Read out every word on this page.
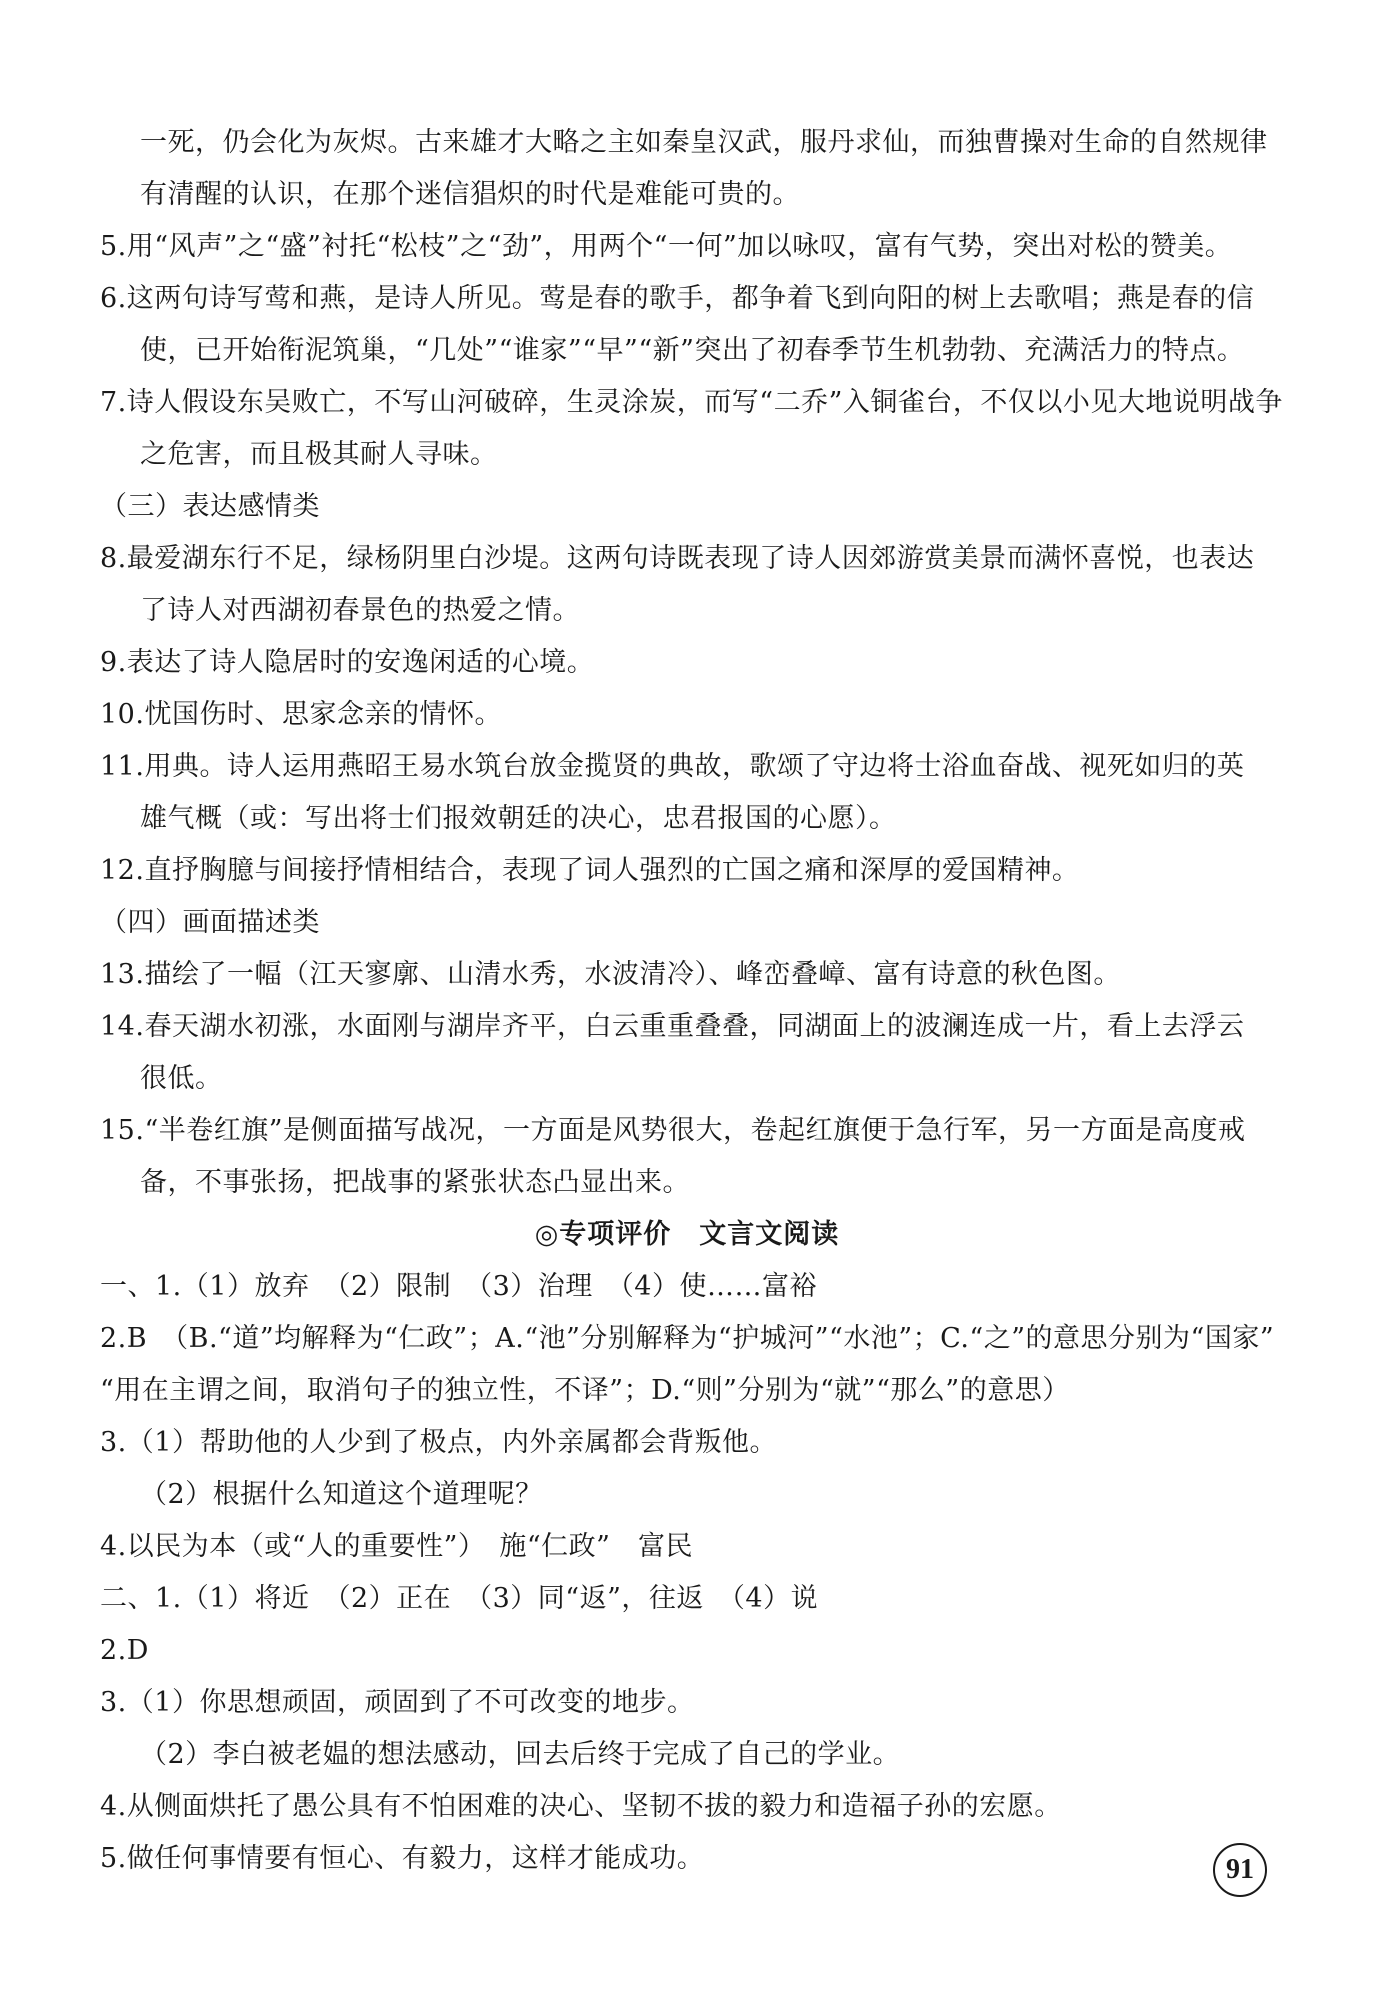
一死，仍会化为灰烬。古来雄才大略之主如秦皇汉武，服丹求仙，而独曹操对生命的自然规律
有清醒的认识，在那个迷信猖炽的时代是难能可贵的。
5.用“风声”之“盛”衬托“松枝”之“劲”，用两个“一何”加以咏叹，富有气势，突出对松的赞美。
6.这两句诗写莺和燕，是诗人所见。莺是春的歌手，都争着飞到向阳的树上去歌唱；燕是春的信
使，已开始衔泥筑巢，“几处”“谁家”“早”“新”突出了初春季节生机勃勃、充满活力的特点。
7.诗人假设东吴败亡，不写山河破碎，生灵涂炭，而写“二乔”入铜雀台，不仅以小见大地说明战争
之危害，而且极其耐人寻味。
（三）表达感情类
8.最爱湖东行不足，绿杨阴里白沙堤。这两句诗既表现了诗人因郊游赏美景而满怀喜悦，也表达
了诗人对西湖初春景色的热爱之情。
9.表达了诗人隐居时的安逸闲适的心境。
10.忧国伤时、思家念亲的情怀。
11.用典。诗人运用燕昭王易水筑台放金揽贤的典故，歌颂了守边将士浴血奋战、视死如归的英
雄气概（或：写出将士们报效朝廷的决心，忠君报国的心愿）。
12.直抒胸臆与间接抒情相结合，表现了词人强烈的亡国之痛和深厚的爱国精神。
（四）画面描述类
13.描绘了一幅（江天寥廓、山清水秀，水波清冷）、峰峦叠嶂、富有诗意的秋色图。
14.春天湖水初涨，水面刚与湖岸齐平，白云重重叠叠，同湖面上的波澜连成一片，看上去浮云
很低。
15.“半卷红旗”是侧面描写战况，一方面是风势很大，卷起红旗便于急行军，另一方面是高度戒
备，不事张扬，把战事的紧张状态凸显出来。
◎专项评价　文言文阅读
一、1.（1）放弃　（2）限制　（3）治理　（4）使……富裕
2.B　（B.“道”均解释为“仁政”；A.“池”分别解释为“护城河”“水池”；C.“之”的意思分别为“国家”
“用在主谓之间，取消句子的独立性，不译”；D.“则”分别为“就”“那么”的意思）
3.（1）帮助他的人少到了极点，内外亲属都会背叛他。
（2）根据什么知道这个道理呢？
4.以民为本（或“人的重要性”）　施“仁政”　富民
二、1.（1）将近　（2）正在　（3）同“返”，往返　（4）说
2.D
3.（1）你思想顽固，顽固到了不可改变的地步。
（2）李白被老媪的想法感动，回去后终于完成了自己的学业。
4.从侧面烘托了愚公具有不怕困难的决心、坚韧不拔的毅力和造福子孙的宏愿。
5.做任何事情要有恒心、有毅力，这样才能成功。	91
